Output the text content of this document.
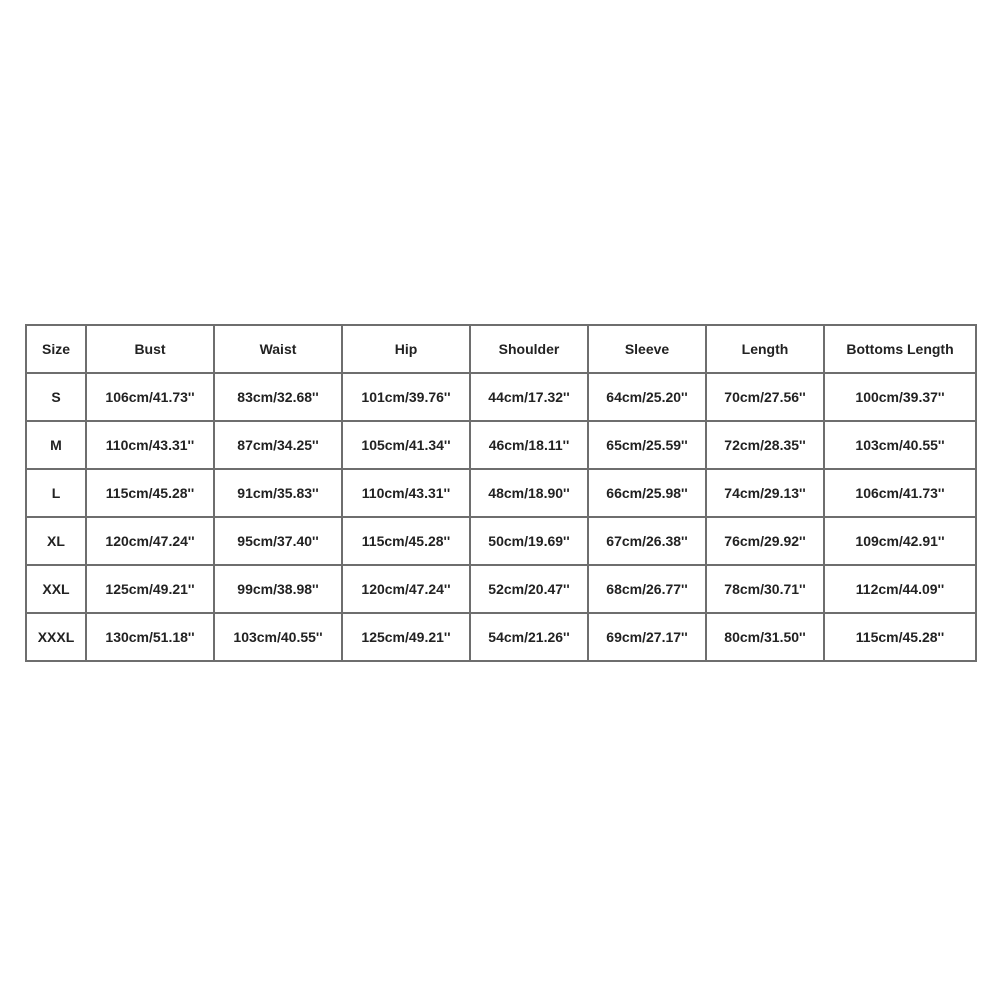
Size	Bust	Waist	Hip	Shoulder	Sleeve	Length	Bottoms Length
S	106cm/41.73''	83cm/32.68''	101cm/39.76''	44cm/17.32''	64cm/25.20''	70cm/27.56''	100cm/39.37''
M	110cm/43.31''	87cm/34.25''	105cm/41.34''	46cm/18.11''	65cm/25.59''	72cm/28.35''	103cm/40.55''
L	115cm/45.28''	91cm/35.83''	110cm/43.31''	48cm/18.90''	66cm/25.98''	74cm/29.13''	106cm/41.73''
XL	120cm/47.24''	95cm/37.40''	115cm/45.28''	50cm/19.69''	67cm/26.38''	76cm/29.92''	109cm/42.91''
XXL	125cm/49.21''	99cm/38.98''	120cm/47.24''	52cm/20.47''	68cm/26.77''	78cm/30.71''	112cm/44.09''
XXXL	130cm/51.18''	103cm/40.55''	125cm/49.21''	54cm/21.26''	69cm/27.17''	80cm/31.50''	115cm/45.28''
